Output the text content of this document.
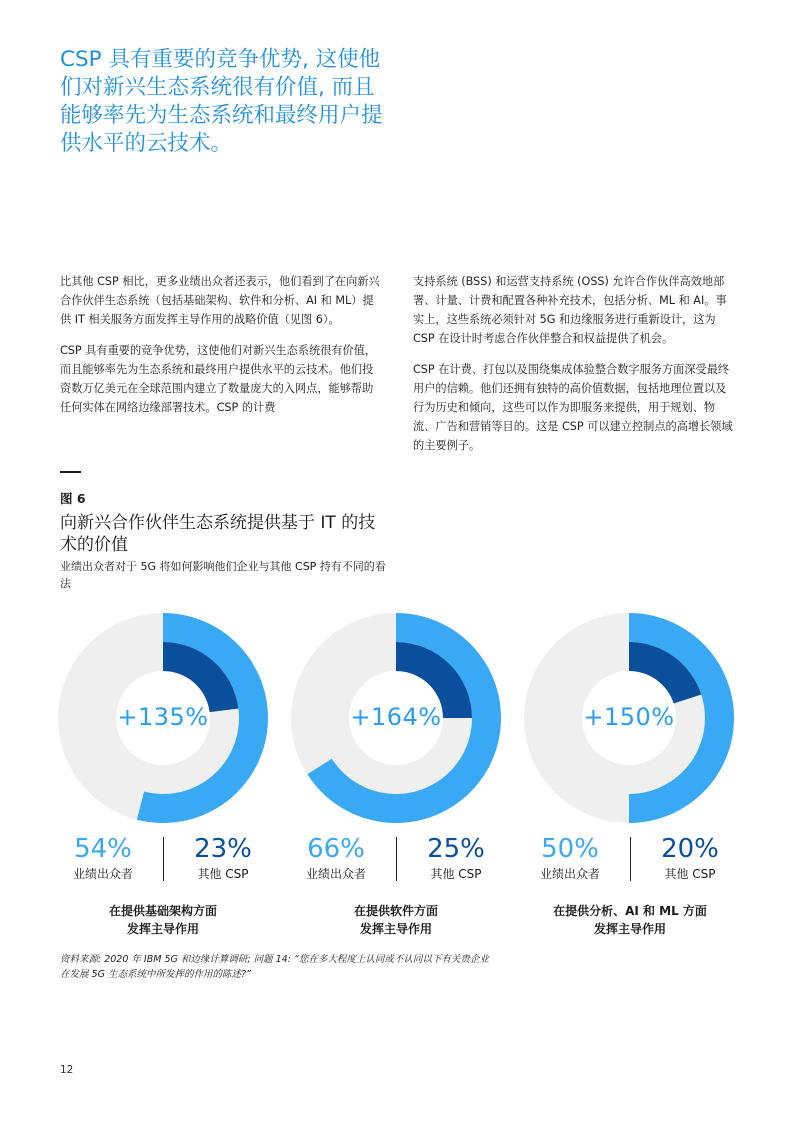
CSP 具有重要的竞争优势, 这使他
们对新兴生态系统很有价值, 而且
能够率先为生态系统和最终用户提
供水平的云技术。

比其他 CSP 相比，更多业绩出众者还表示，他们看到了在向新兴合作伙伴生态系统（包括基础架构、软件和分析、AI 和 ML）提供 IT 相关服务方面发挥主导作用的战略价值（见图 6）。

CSP 具有重要的竞争优势，这使他们对新兴生态系统很有价值，而且能够率先为生态系统和最终用户提供水平的云技术。他们投资数万亿美元在全球范围内建立了数量庞大的入网点，能够帮助任何实体在网络边缘部署技术。CSP 的计费

支持系统 (BSS) 和运营支持系统 (OSS) 允许合作伙伴高效地部署、计量、计费和配置各种补充技术，包括分析、ML 和 AI。事实上，这些系统必须针对 5G 和边缘服务进行重新设计，这为 CSP 在设计时考虑合作伙伴整合和权益提供了机会。

CSP 在计费、打包以及围绕集成体验整合数字服务方面深受最终用户的信赖。他们还拥有独特的高价值数据，包括地理位置以及行为历史和倾向，这些可以作为即服务来提供，用于规划、物流、广告和营销等目的。这是 CSP 可以建立控制点的高增长领域的主要例子。

图 6
向新兴合作伙伴生态系统提供基于 IT 的技术的价值
业绩出众者对于 5G 将如何影响他们企业与其他 CSP 持有不同的看法
+135%
54%
业绩出众者
23%
其他 CSP
在提供基础架构方面
发挥主导作用
+164%
66%
业绩出众者
25%
其他 CSP
在提供软件方面
发挥主导作用
+150%
50%
业绩出众者
20%
其他 CSP
在提供分析、AI 和 ML 方面
发挥主导作用
资料来源: 2020 年 IBM 5G 和边缘计算调研; 问题 14: “您在多大程度上认同或不认同以下有关贵企业
在发展 5G 生态系统中所发挥的作用的陈述?”
12
